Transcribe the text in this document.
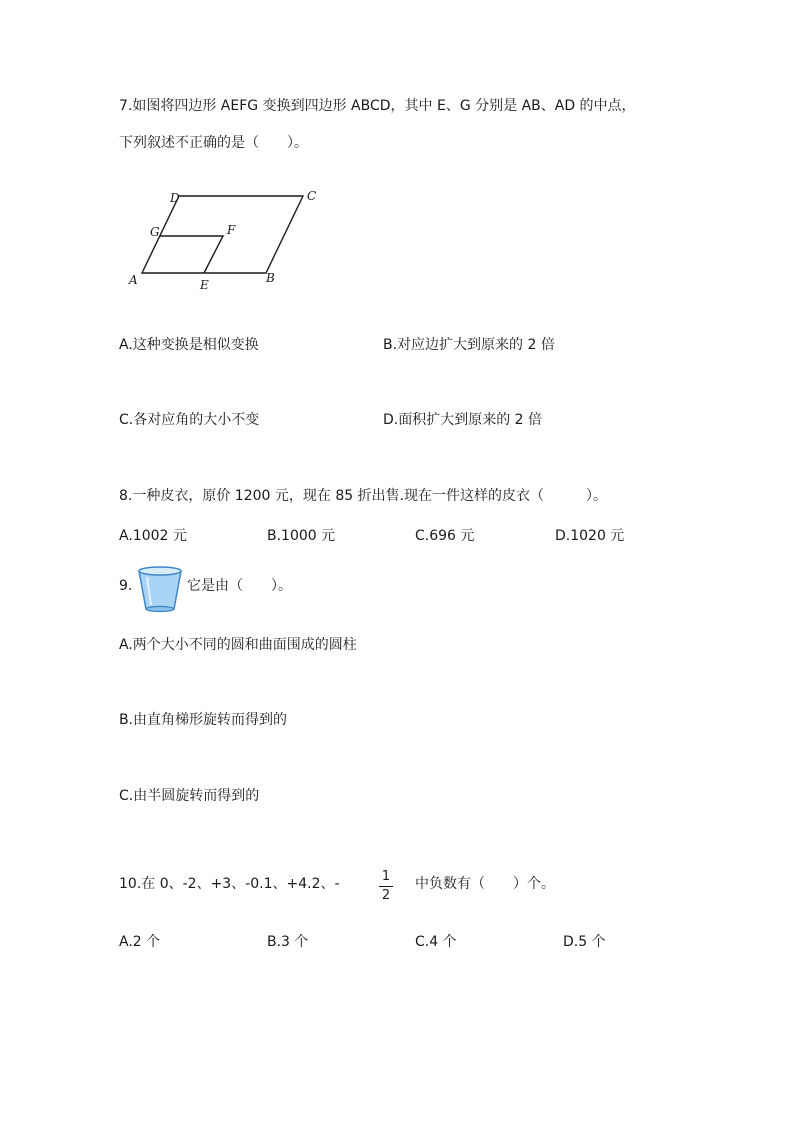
7.如图将四边形 AEFG 变换到四边形 ABCD，其中 E、G 分别是 AB、AD 的中点，
下列叙述不正确的是（　　）。
A	B
C
D
E
F
G
A.这种变换是相似变换	B.对应边扩大到原来的 2 倍
C.各对应角的大小不变	D.面积扩大到原来的 2 倍
8.一种皮衣，原价 1200 元，现在 85 折出售.现在一件这样的皮衣（　　　）。
A.1002 元	B.1000 元	C.696 元	D.1020 元
9.	它是由（　　）。
A.两个大小不同的圆和曲面围成的圆柱
B.由直角梯形旋转而得到的
C.由半圆旋转而得到的
10.在 0、-2、+3、-0.1、+4.2、-	1
2
中负数有（　　）个。
A.2 个	B.3 个	C.4 个	D.5 个
